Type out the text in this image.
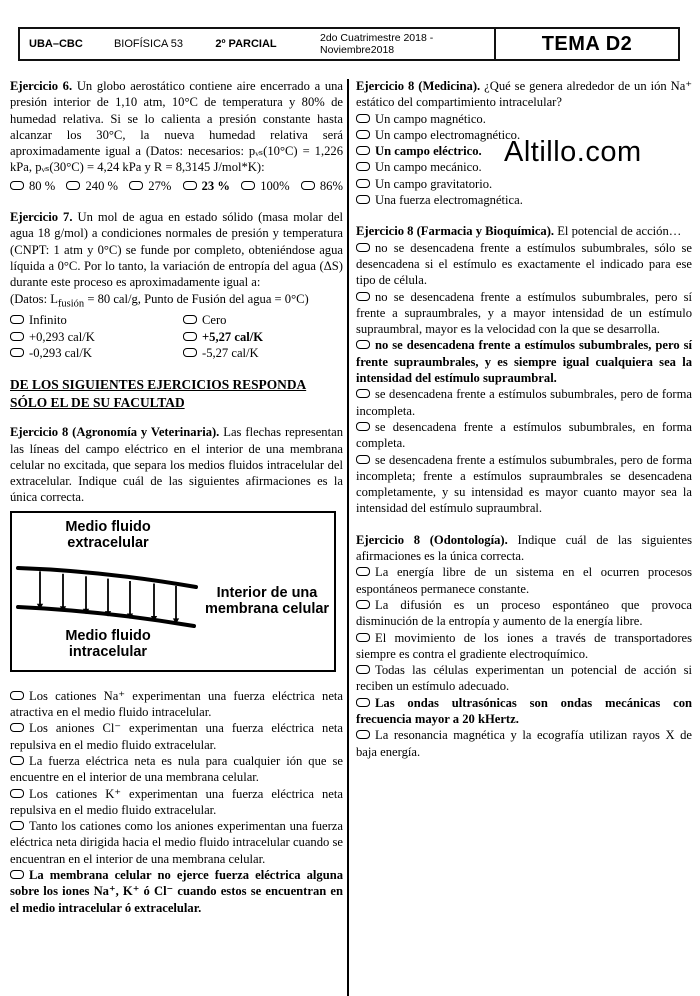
UBA–CBC	BIOFÍSICA 53	2º PARCIAL
2do Cuatrimestre 2018 - Noviembre2018	TEMA D2
Altillo.com

Ejercicio 6. Un globo aerostático contiene aire encerrado a una presión interior de 1,10 atm, 10°C de temperatura y 80% de humedad relativa. Si se lo calienta a presión constante hasta alcanzar los 30°C, la nueva humedad relativa será aproximadamente igual a (Datos: necesarios: pᵥₛ(10°C) = 1,226 kPa, pᵥₛ(30°C) = 4,24 kPa y R = 8,3145 J/mol*K):

80 %	240 %	27%	23 %	100%	86%

Ejercicio 7. Un mol de agua en estado sólido (masa molar del agua 18 g/mol) a condiciones normales de presión y temperatura (CNPT: 1 atm y 0°C) se funde por completo, obteniéndose agua líquida a 0°C. Por lo tanto, la variación de entropía del agua (ΔS) durante este proceso es aproximadamente igual a:

(Datos: $L_{fusión} = 80$ cal/g, Punto de Fusión del agua = 0°C)

Infinito	Cero
+0,293 cal/K	+5,27 cal/K
-0,293 cal/K	-5,27 cal/K
DE LOS SIGUIENTES EJERCICIOS RESPONDA SÓLO EL DE SU FACULTAD

Ejercicio 8 (Agronomía y Veterinaria). Las flechas representan las líneas del campo eléctrico en el interior de una membrana celular no excitada, que separa los medios fluidos intracelular del extracelular. Indique cuál de las siguientes afirmaciones es la única correcta.

Medio fluido extracelular
Interior de una membrana celular
Medio fluido intracelular

Los cationes Na⁺ experimentan una fuerza eléctrica neta atractiva en el medio fluido intracelular.

Los aniones Cl⁻ experimentan una fuerza eléctrica neta repulsiva en el medio fluido extracelular.

La fuerza eléctrica neta es nula para cualquier ión que se encuentre en el interior de una membrana celular.

Los cationes K⁺ experimentan una fuerza eléctrica neta repulsiva en el medio fluido extracelular.

Tanto los cationes como los aniones experimentan una fuerza eléctrica neta dirigida hacia el medio fluido intracelular cuando se encuentran en el interior de una membrana celular.

La membrana celular no ejerce fuerza eléctrica alguna sobre los iones Na⁺, K⁺ ó Cl⁻ cuando estos se encuentran en el medio intracelular ó extracelular.

Ejercicio 8 (Medicina). ¿Qué se genera alrededor de un ión Na⁺ estático del compartimiento intracelular?

Un campo magnético.

Un campo electromagnético.

Un campo eléctrico.

Un campo mecánico.

Un campo gravitatorio.

Una fuerza electromagnética.

Ejercicio 8 (Farmacia y Bioquímica). El potencial de acción…

no se desencadena frente a estímulos subumbrales, sólo se desencadena si el estímulo es exactamente el indicado para ese tipo de célula.

no se desencadena frente a estímulos subumbrales, pero sí frente a supraumbrales, y a mayor intensidad de un estímulo supraumbral, mayor es la velocidad con la que se desarrolla.

no se desencadena frente a estímulos subumbrales, pero sí frente supraumbrales, y es siempre igual cualquiera sea la intensidad del estímulo supraumbral.

se desencadena frente a estímulos subumbrales, pero de forma incompleta.

se desencadena frente a estímulos subumbrales, en forma completa.

se desencadena frente a estímulos subumbrales, pero de forma incompleta; frente a estímulos supraumbrales se desencadena completamente, y su intensidad es mayor cuanto mayor sea la intensidad del estímulo supraumbral.

Ejercicio 8 (Odontología). Indique cuál de las siguientes afirmaciones es la única correcta.

La energía libre de un sistema en el ocurren procesos espontáneos permanece constante.

La difusión es un proceso espontáneo que provoca disminución de la entropía y aumento de la energía libre.

El movimiento de los iones a través de transportadores siempre es contra el gradiente electroquímico.

Todas las células experimentan un potencial de acción si reciben un estímulo adecuado.

Las ondas ultrasónicas son ondas mecánicas con frecuencia mayor a 20 kHertz.

La resonancia magnética y la ecografía utilizan rayos X de baja energía.
